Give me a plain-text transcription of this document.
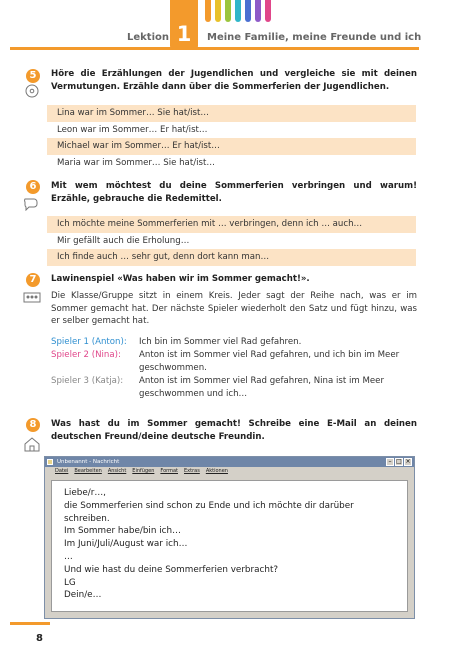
Lektion 1	Meine Familie, meine Freunde und ich
5	Höre die Erzählungen der Jugendlichen und vergleiche sie mit deinen Vermutungen. Erzähle dann über die Sommerferien der Jugendlichen.
Lina war im Sommer… Sie hat/ist…
Leon war im Sommer… Er hat/ist…
Michael war im Sommer… Er hat/ist…
Maria war im Sommer… Sie hat/ist…
6	Mit wem möchtest du deine Sommerferien verbringen und warum! Erzähle, gebrauche die Redemittel.
Ich möchte meine Sommerferien mit … verbringen, denn ich … auch…
Mir gefällt auch die Erholung…
Ich finde auch … sehr gut, denn dort kann man…
7	Lawinenspiel «Was haben wir im Sommer gemacht!».
Die Klasse/Gruppe sitzt in einem Kreis. Jeder sagt der Reihe nach, was er im Sommer gemacht hat. Der nächste Spieler wiederholt den Satz und fügt hinzu, was er selber gemacht hat.
Spieler 1 (Anton):	Ich bin im Sommer viel Rad gefahren.
Spieler 2 (Nina):	Anton ist im Sommer viel Rad gefahren, und ich bin im Meer geschwommen.
Spieler 3 (Katja):	Anton ist im Sommer viel Rad gefahren, Nina ist im Meer geschwommen und ich…
8	Was hast du im Sommer gemacht! Schreibe eine E-Mail an deinen deutschen Freund/deine deutsche Freundin.
Unbenannt - Nachricht	– □ ×
Datei Bearbeiten Ansicht Einfügen Format Extras Aktionen
Liebe/r…,
die Sommerferien sind schon zu Ende und ich möchte dir darüber schreiben.
Im Sommer habe/bin ich…
Im Juni/Juli/August war ich…
…
Und wie hast du deine Sommerferien verbracht?
LG
Dein/e…
8
